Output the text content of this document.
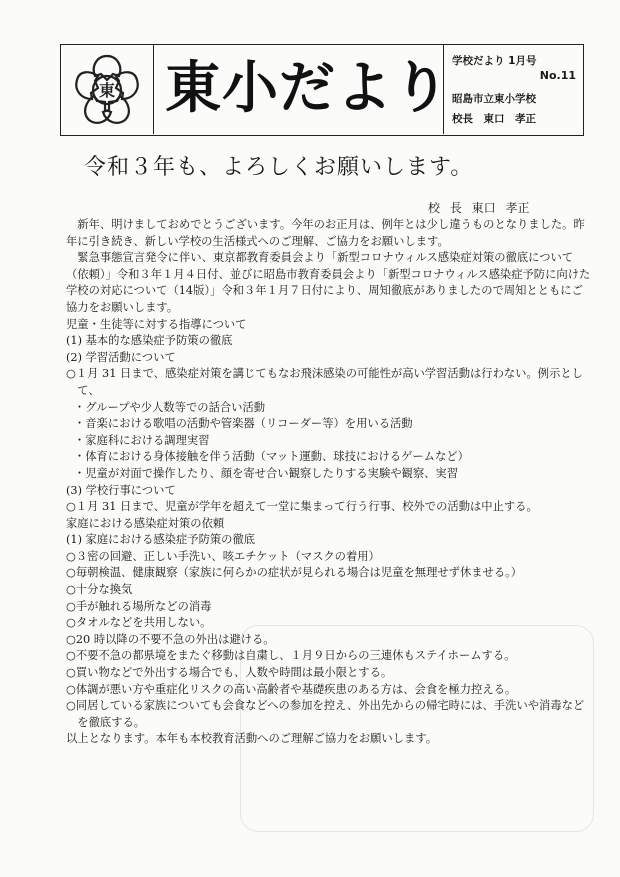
東 東小だより 学校だより 1月号
No.11
昭島市立東小学校
校長　東口　孝正
令和３年も、よろしくお願いします。
校 長 東口 孝正

新年、明けましておめでとうございます。今年のお正月は、例年とは少し違うものとなりました。昨年に引き続き、新しい学校の生活様式へのご理解、ご協力をお願いします。

緊急事態宣言発令に伴い、東京都教育委員会より「新型コロナウィルス感染症対策の徹底について（依頼）」令和３年１月４日付、並びに昭島市教育委員会より「新型コロナウィルス感染症予防に向けた学校の対応について（14版）」令和３年１月７日付により、周知徹底がありましたので周知とともにご協力をお願いします。

児童・生徒等に対する指導について

(1) 基本的な感染症予防策の徹底

(2) 学習活動について

○１月 31 日まで、感染症対策を講じてもなお飛沫感染の可能性が高い学習活動は行わない。例示として、

・グループや少人数等での話合い活動

・音楽における歌唱の活動や管楽器（リコーダー等）を用いる活動

・家庭科における調理実習

・体育における身体接触を伴う活動（マット運動、球技におけるゲームなど）

・児童が対面で操作したり、顔を寄せ合い観察したりする実験や観察、実習

(3) 学校行事について

○１月 31 日まで、児童が学年を超えて一堂に集まって行う行事、校外での活動は中止する。

家庭における感染症対策の依頼

(1) 家庭における感染症予防策の徹底

○３密の回避、正しい手洗い、咳エチケット（マスクの着用）

○毎朝検温、健康観察（家族に何らかの症状が見られる場合は児童を無理せず休ませる。）

○十分な換気

○手が触れる場所などの消毒

○タオルなどを共用しない。

○20 時以降の不要不急の外出は避ける。

○不要不急の都県境をまたぐ移動は自粛し、１月９日からの三連休もステイホームする。

○買い物などで外出する場合でも、人数や時間は最小限とする。

○体調が悪い方や重症化リスクの高い高齢者や基礎疾患のある方は、会食を極力控える。

○同居している家族についても会食などへの参加を控え、外出先からの帰宅時には、手洗いや消毒などを徹底する。

以上となります。本年も本校教育活動へのご理解ご協力をお願いします。
